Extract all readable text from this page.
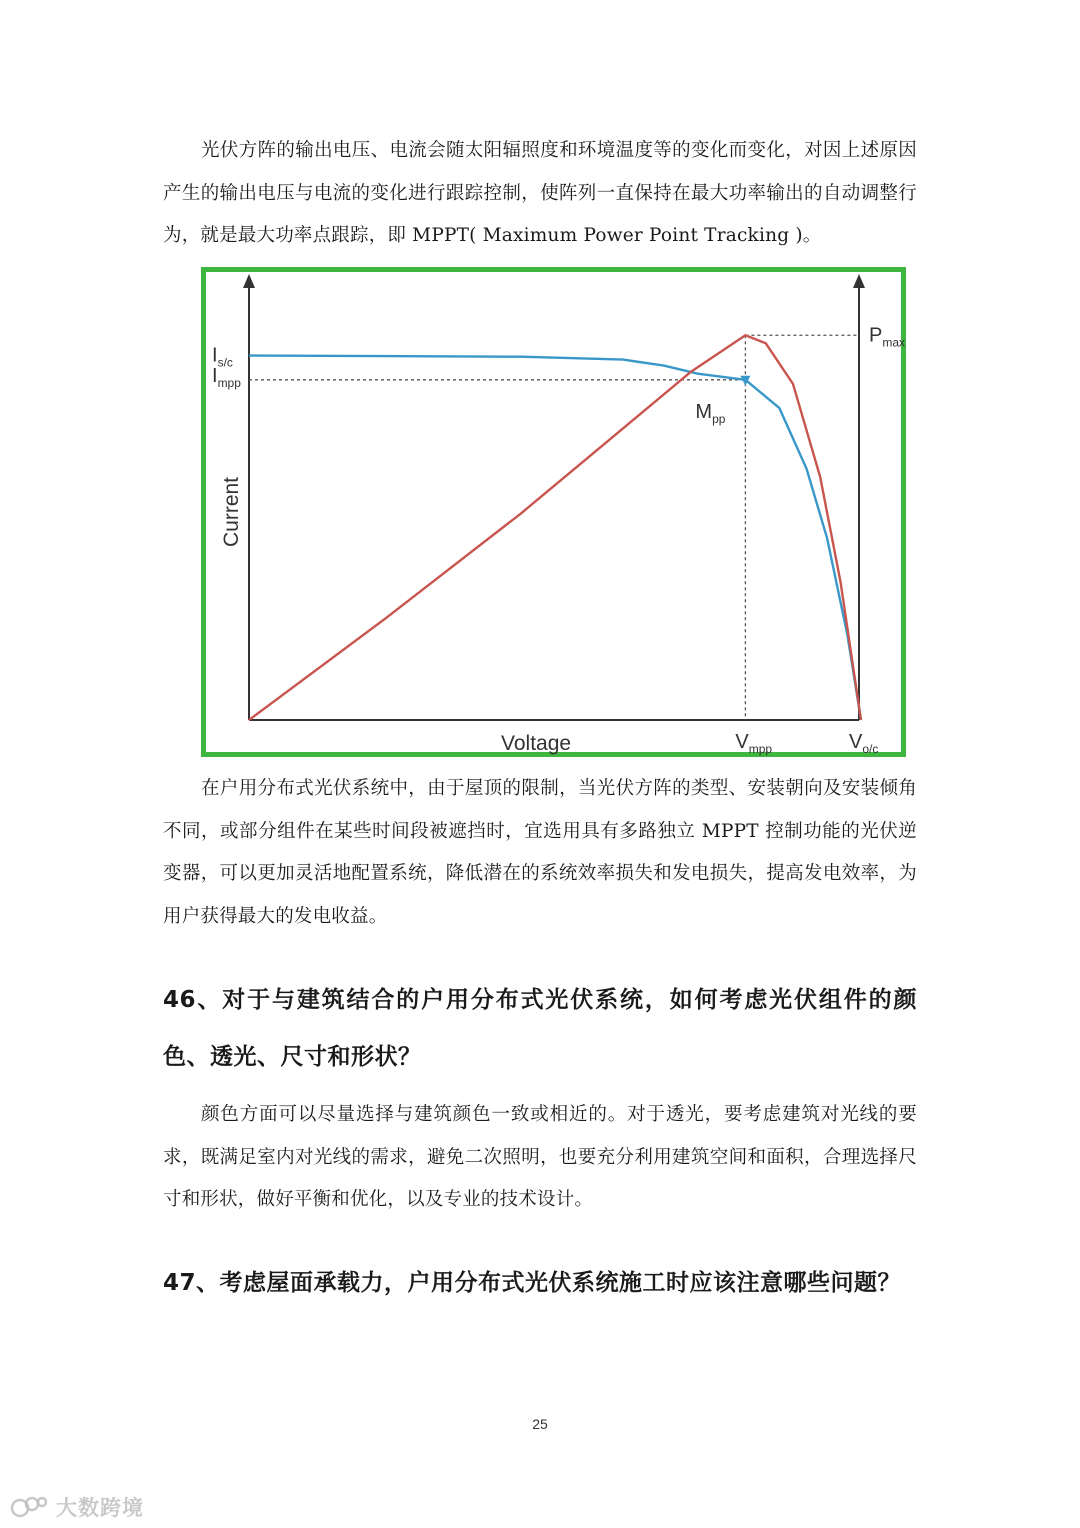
光伏方阵的输出电压、电流会随太阳辐照度和环境温度等的变化而变化，对因上述原因产生的输出电压与电流的变化进行跟踪控制，使阵列一直保持在最大功率输出的自动调整行为，就是最大功率点跟踪，即 MPPT( Maximum Power Point Tracking )。

$I_{s/c}$
$I_{mpp}$
$P_{max}$
$M_{pp}$
$V_{mpp}$	$V_{o/c}$
Voltage
Current

在户用分布式光伏系统中，由于屋顶的限制，当光伏方阵的类型、安装朝向及安装倾角不同，或部分组件在某些时间段被遮挡时，宜选用具有多路独立 MPPT 控制功能的光伏逆变器，可以更加灵活地配置系统，降低潜在的系统效率损失和发电损失，提高发电效率，为用户获得最大的发电收益。

46、对于与建筑结合的户用分布式光伏系统，如何考虑光伏组件的颜色、透光、尺寸和形状？

颜色方面可以尽量选择与建筑颜色一致或相近的。对于透光，要考虑建筑对光线的要求，既满足室内对光线的需求，避免二次照明，也要充分利用建筑空间和面积，合理选择尺寸和形状，做好平衡和优化，以及专业的技术设计。

47、考虑屋面承载力，户用分布式光伏系统施工时应该注意哪些问题？
25
大数跨境
